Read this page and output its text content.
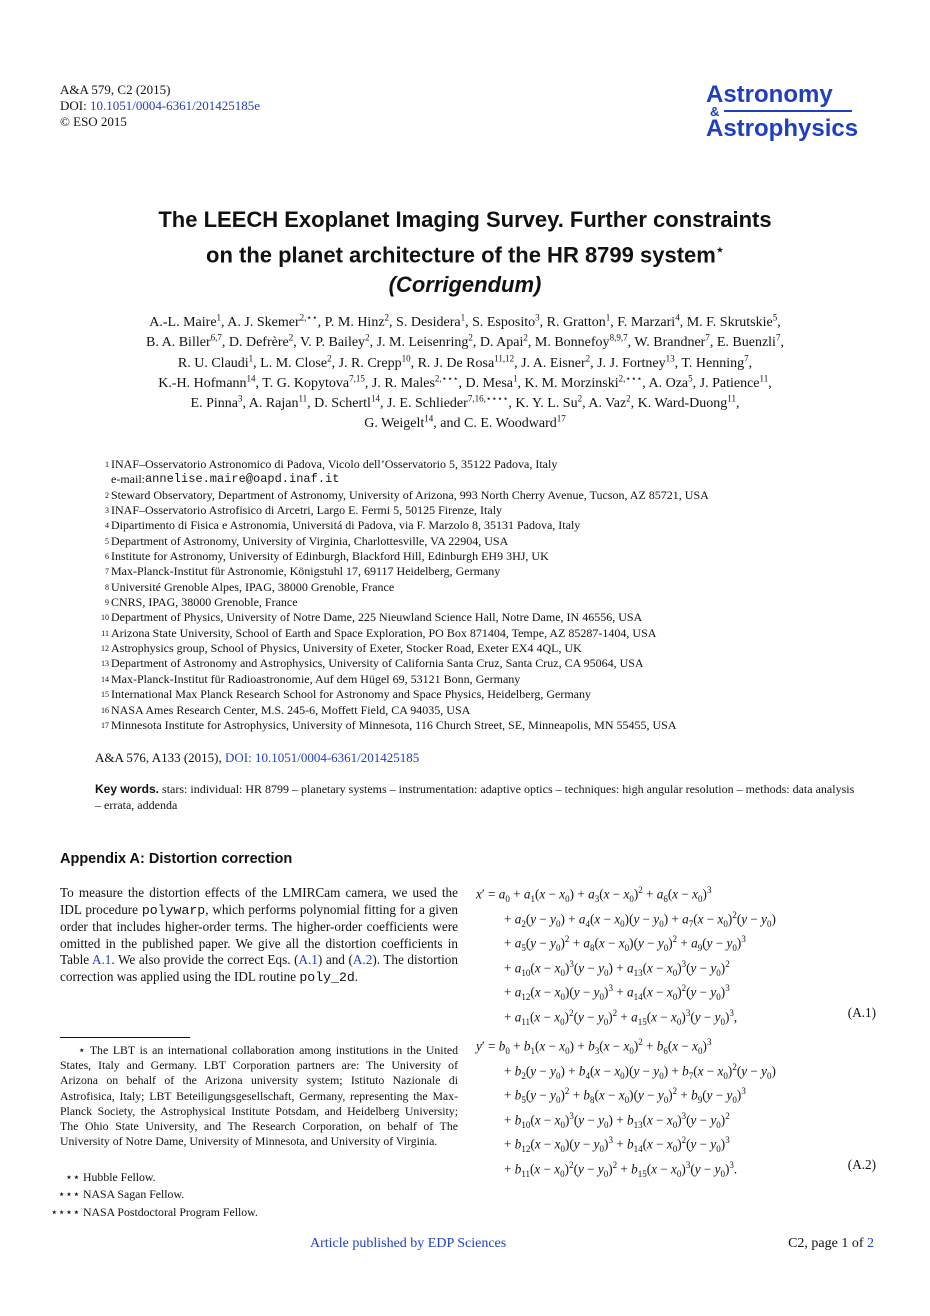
A&A 579, C2 (2015)
DOI: 10.1051/0004-6361/201425185e
© ESO 2015
Astronomy
&
Astrophysics
The LEECH Exoplanet Imaging Survey. Further constraints
on the planet architecture of the HR 8799 system⋆
(Corrigendum)
A.-L. Maire$^1$, A. J. Skemer$^{2,⋆⋆}$, P. M. Hinz$^2$, S. Desidera$^1$, S. Esposito$^3$, R. Gratton$^1$, F. Marzari$^4$, M. F. Skrutskie$^5$,
B. A. Biller$^{6,7}$, D. Defrère$^2$, V. P. Bailey$^2$, J. M. Leisenring$^2$, D. Apai$^2$, M. Bonnefoy$^{8,9,7}$, W. Brandner$^7$, E. Buenzli$^7$,
R. U. Claudi$^1$, L. M. Close$^2$, J. R. Crepp$^{10}$, R. J. De Rosa$^{11,12}$, J. A. Eisner$^2$, J. J. Fortney$^{13}$, T. Henning$^7$,
K.-H. Hofmann$^{14}$, T. G. Kopytova$^{7,15}$, J. R. Males$^{2,⋆⋆⋆}$, D. Mesa$^1$, K. M. Morzinski$^{2,⋆⋆⋆}$, A. Oza$^5$, J. Patience$^{11}$,
E. Pinna$^3$, A. Rajan$^{11}$, D. Schertl$^{14}$, J. E. Schlieder$^{7,16,⋆⋆⋆⋆}$, K. Y. L. Su$^2$, A. Vaz$^2$, K. Ward-Duong$^{11}$,
G. Weigelt$^{14}$, and C. E. Woodward$^{17}$
1 INAF–Osservatorio Astronomico di Padova, Vicolo dell’Osservatorio 5, 35122 Padova, Italy
e-mail: annelise.maire@oapd.inaf.it
2 Steward Observatory, Department of Astronomy, University of Arizona, 993 North Cherry Avenue, Tucson, AZ 85721, USA
3 INAF–Osservatorio Astrofisico di Arcetri, Largo E. Fermi 5, 50125 Firenze, Italy
4 Dipartimento di Fisica e Astronomia, Universitá di Padova, via F. Marzolo 8, 35131 Padova, Italy
5 Department of Astronomy, University of Virginia, Charlottesville, VA 22904, USA
6 Institute for Astronomy, University of Edinburgh, Blackford Hill, Edinburgh EH9 3HJ, UK
7 Max-Planck-Institut für Astronomie, Königstuhl 17, 69117 Heidelberg, Germany
8 Université Grenoble Alpes, IPAG, 38000 Grenoble, France
9 CNRS, IPAG, 38000 Grenoble, France
10 Department of Physics, University of Notre Dame, 225 Nieuwland Science Hall, Notre Dame, IN 46556, USA
11 Arizona State University, School of Earth and Space Exploration, PO Box 871404, Tempe, AZ 85287-1404, USA
12 Astrophysics group, School of Physics, University of Exeter, Stocker Road, Exeter EX4 4QL, UK
13 Department of Astronomy and Astrophysics, University of California Santa Cruz, Santa Cruz, CA 95064, USA
14 Max-Planck-Institut für Radioastronomie, Auf dem Hügel 69, 53121 Bonn, Germany
15 International Max Planck Research School for Astronomy and Space Physics, Heidelberg, Germany
16 NASA Ames Research Center, M.S. 245-6, Moffett Field, CA 94035, USA
17 Minnesota Institute for Astrophysics, University of Minnesota, 116 Church Street, SE, Minneapolis, MN 55455, USA
A&A 576, A133 (2015), DOI: 10.1051/0004-6361/201425185
Key words. stars: individual: HR 8799 – planetary systems – instrumentation: adaptive optics – techniques: high angular resolution – methods: data analysis – errata, addenda
Appendix A: Distortion correction
To measure the distortion effects of the LMIRCam camera, we used the IDL procedure polywarp, which performs polynomial fitting for a given order that includes higher-order terms. The higher-order coefficients were omitted in the published paper. We give all the distortion coefficients in Table A.1. We also provide the correct Eqs. (A.1) and (A.2). The distortion correction was applied using the IDL routine poly_2d.
⋆ The LBT is an international collaboration among institutions in the United States, Italy and Germany. LBT Corporation partners are: The University of Arizona on behalf of the Arizona university system; Istituto Nazionale di Astrofisica, Italy; LBT Beteiligungsgesellschaft, Germany, representing the Max-Planck Society, the Astrophysical Institute Potsdam, and Heidelberg University; The Ohio State University, and The Research Corporation, on behalf of The University of Notre Dame, University of Minnesota, and University of Virginia.
⋆⋆ Hubble Fellow.
⋆⋆⋆ NASA Sagan Fellow.
⋆⋆⋆⋆ NASA Postdoctoral Program Fellow.
$x' = a_0 + a_1(x - x_0) + a_3(x - x_0)^2 + a_6(x - x_0)^3$
+ $a_2(y - y_0) + a_4(x - x_0)(y - y_0) + a_7(x - x_0)^2(y - y_0)$
+ $a_5(y - y_0)^2 + a_8(x - x_0)(y - y_0)^2 + a_9(y - y_0)^3$
+ $a_{10}(x - x_0)^3(y - y_0) + a_{13}(x - x_0)^3(y - y_0)^2$
+ $a_{12}(x - x_0)(y - y_0)^3 + a_{14}(x - x_0)^2(y - y_0)^3$
+ $a_{11}(x - x_0)^2(y - y_0)^2 + a_{15}(x - x_0)^3(y - y_0)^3$,	(A.1)
$y' = b_0 + b_1(x - x_0) + b_3(x - x_0)^2 + b_6(x - x_0)^3$
+ $b_2(y - y_0) + b_4(x - x_0)(y - y_0) + b_7(x - x_0)^2(y - y_0)$
+ $b_5(y - y_0)^2 + b_8(x - x_0)(y - y_0)^2 + b_9(y - y_0)^3$
+ $b_{10}(x - x_0)^3(y - y_0) + b_{13}(x - x_0)^3(y - y_0)^2$
+ $b_{12}(x - x_0)(y - y_0)^3 + b_{14}(x - x_0)^2(y - y_0)^3$
+ $b_{11}(x - x_0)^2(y - y_0)^2 + b_{15}(x - x_0)^3(y - y_0)^3$.	(A.2)
Article published by EDP Sciences	C2, page 1 of 2
